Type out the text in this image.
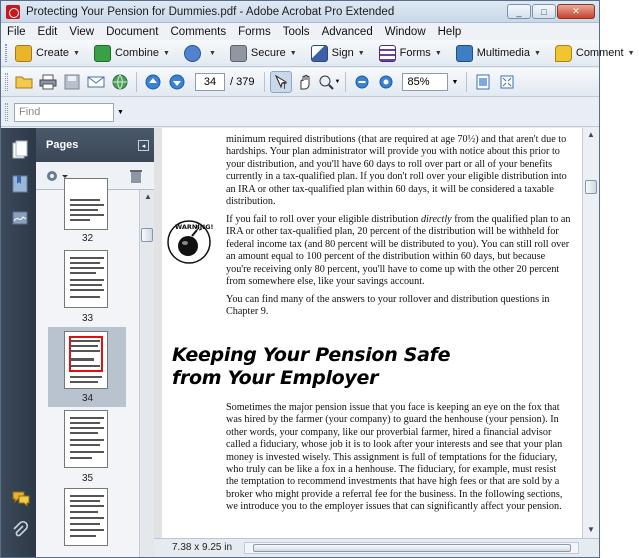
Protecting Your Pension for Dummies.pdf - Adobe Acrobat Pro Extended	_	□	✕
File Edit View Document Comments Forms Tools Advanced Window Help
Create ▼	Combine ▼	▼	Secure ▼	Sign ▼	Forms ▼	Multimedia ▼	Comment ▼
34	/ 379	T	▼	85%	▼
Find	▼
Pages	◂
32
33
34
35
▲
minimum required distributions (that are required at age 70½) and that aren't due to hardships. Your plan administrator will provide you with notice about this prior to your distribution, and you'll have 60 days to roll over part or all of your benefits currently in a tax-qualified plan. If you don't roll over your eligible distribution into an IRA or other tax-qualified plan within 60 days, it will be considered a taxable distribution.
WARNING!
If you fail to roll over your eligible distribution directly from the qualified plan to an IRA or other tax-qualified plan, 20 percent of the distribution will be withheld for federal income tax (and 80 percent will be distributed to you). You can still roll over an amount equal to 100 percent of the distribution within 60 days, but because you're receiving only 80 percent, you'll have to come up with the other 20 percent from somewhere else, like your savings account.
You can find many of the answers to your rollover and distribution questions in Chapter 9.
Keeping Your Pension Safe
from Your Employer
Sometimes the major pension issue that you face is keeping an eye on the fox that was hired by the farmer (your company) to guard the henhouse (your pension). In other words, your company, like our proverbial farmer, hired a financial advisor called a fiduciary, whose job it is to look after your interests and see that your plan money is invested wisely. This assignment is full of temptations for the fiduciary, who truly can be like a fox in a henhouse. The fiduciary, for example, must resist the temptation to recommend investments that have high fees or that are sold by a broker who might provide a referral fee for the business. In the following sections, we introduce you to the employer issues that can significantly affect your pension.
▲
▼
7.38 x 9.25 in
